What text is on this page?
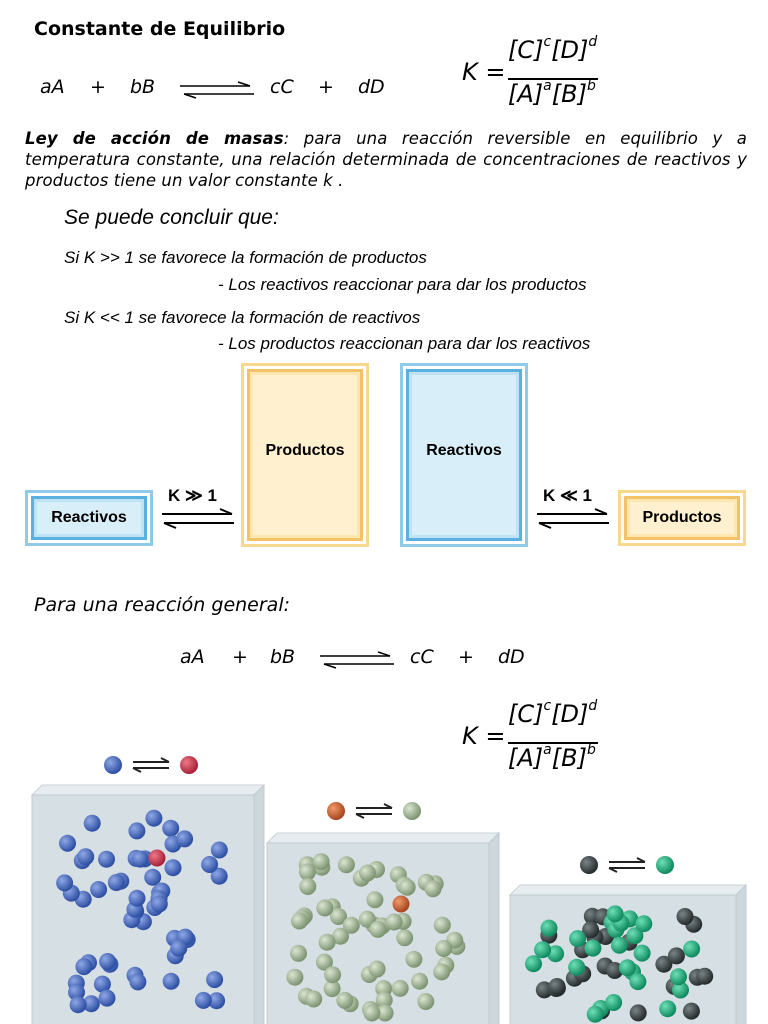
Constante de Equilibrio
aA + bB ⇌ cC + dD
K =
$[C]^c[D]^d$
$[A]^a[B]^b$
Ley de acción de masas: para una reacción reversible en equilibrio y a temperatura constante, una relación determinada de concentraciones de reactivos y productos tiene un valor constante k .
Se puede concluir que:
Si K >> 1 se favorece la formación de productos
- Los reactivos reaccionar para dar los productos
Si K << 1 se favorece la formación de reactivos
- Los productos reaccionan para dar los reactivos
Reactivos
K ≫ 1
Productos	Reactivos
K ≪ 1
Productos
Para una reacción general:
aA + bB ⇌ cC + dD
K =
$[C]^c[D]^d$
$[A]^a[B]^b$
